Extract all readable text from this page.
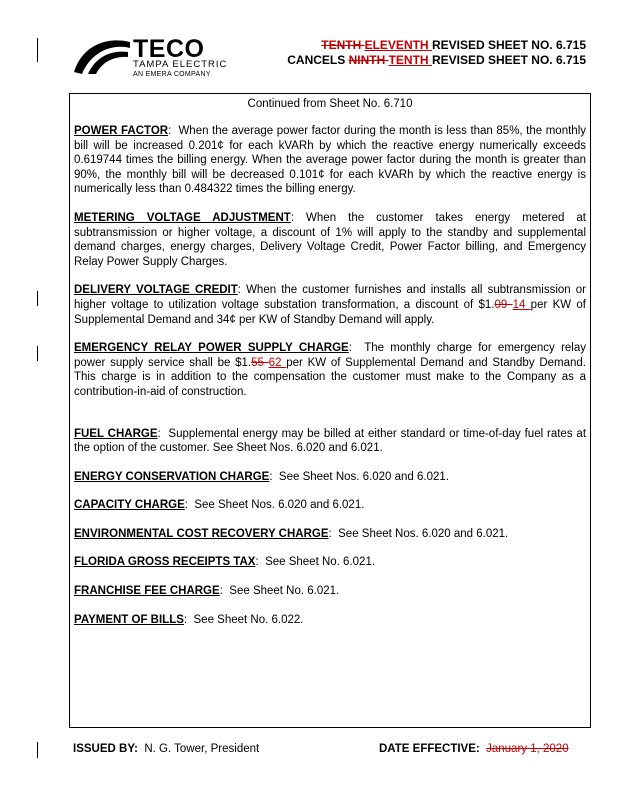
TECO
TAMPA ELECTRIC
AN EMERA COMPANY
TENTH ELEVENTH REVISED SHEET NO. 6.715
CANCELS NINTH TENTH REVISED SHEET NO. 6.715
Continued from Sheet No. 6.710

POWER FACTOR:  When the average power factor during the month is less than 85%, the monthly bill will be increased 0.201¢ for each kVARh by which the reactive energy numerically exceeds 0.619744 times the billing energy. When the average power factor during the month is greater than 90%, the monthly bill will be decreased 0.101¢ for each kVARh by which the reactive energy is numerically less than 0.484322 times the billing energy.

METERING VOLTAGE ADJUSTMENT: When the customer takes energy metered at subtransmission or higher voltage, a discount of 1% will apply to the standby and supplemental demand charges, energy charges, Delivery Voltage Credit, Power Factor billing, and Emergency Relay Power Supply Charges.

DELIVERY VOLTAGE CREDIT: When the customer furnishes and installs all subtransmission or higher voltage to utilization voltage substation transformation, a discount of $1.09 14 per KW of Supplemental Demand and 34¢ per KW of Standby Demand will apply.

EMERGENCY RELAY POWER SUPPLY CHARGE:  The monthly charge for emergency relay power supply service shall be $1.55 62 per KW of Supplemental Demand and Standby Demand. This charge is in addition to the compensation the customer must make to the Company as a contribution-in-aid of construction.

FUEL CHARGE:  Supplemental energy may be billed at either standard or time-of-day fuel rates at the option of the customer. See Sheet Nos. 6.020 and 6.021.

ENERGY CONSERVATION CHARGE:  See Sheet Nos. 6.020 and 6.021.

CAPACITY CHARGE:  See Sheet Nos. 6.020 and 6.021.

ENVIRONMENTAL COST RECOVERY CHARGE:  See Sheet Nos. 6.020 and 6.021.

FLORIDA GROSS RECEIPTS TAX:  See Sheet No. 6.021.

FRANCHISE FEE CHARGE:  See Sheet No. 6.021.

PAYMENT OF BILLS:  See Sheet No. 6.022.

ISSUED BY: N. G. Tower, President	DATE EFFECTIVE: January 1, 2020
